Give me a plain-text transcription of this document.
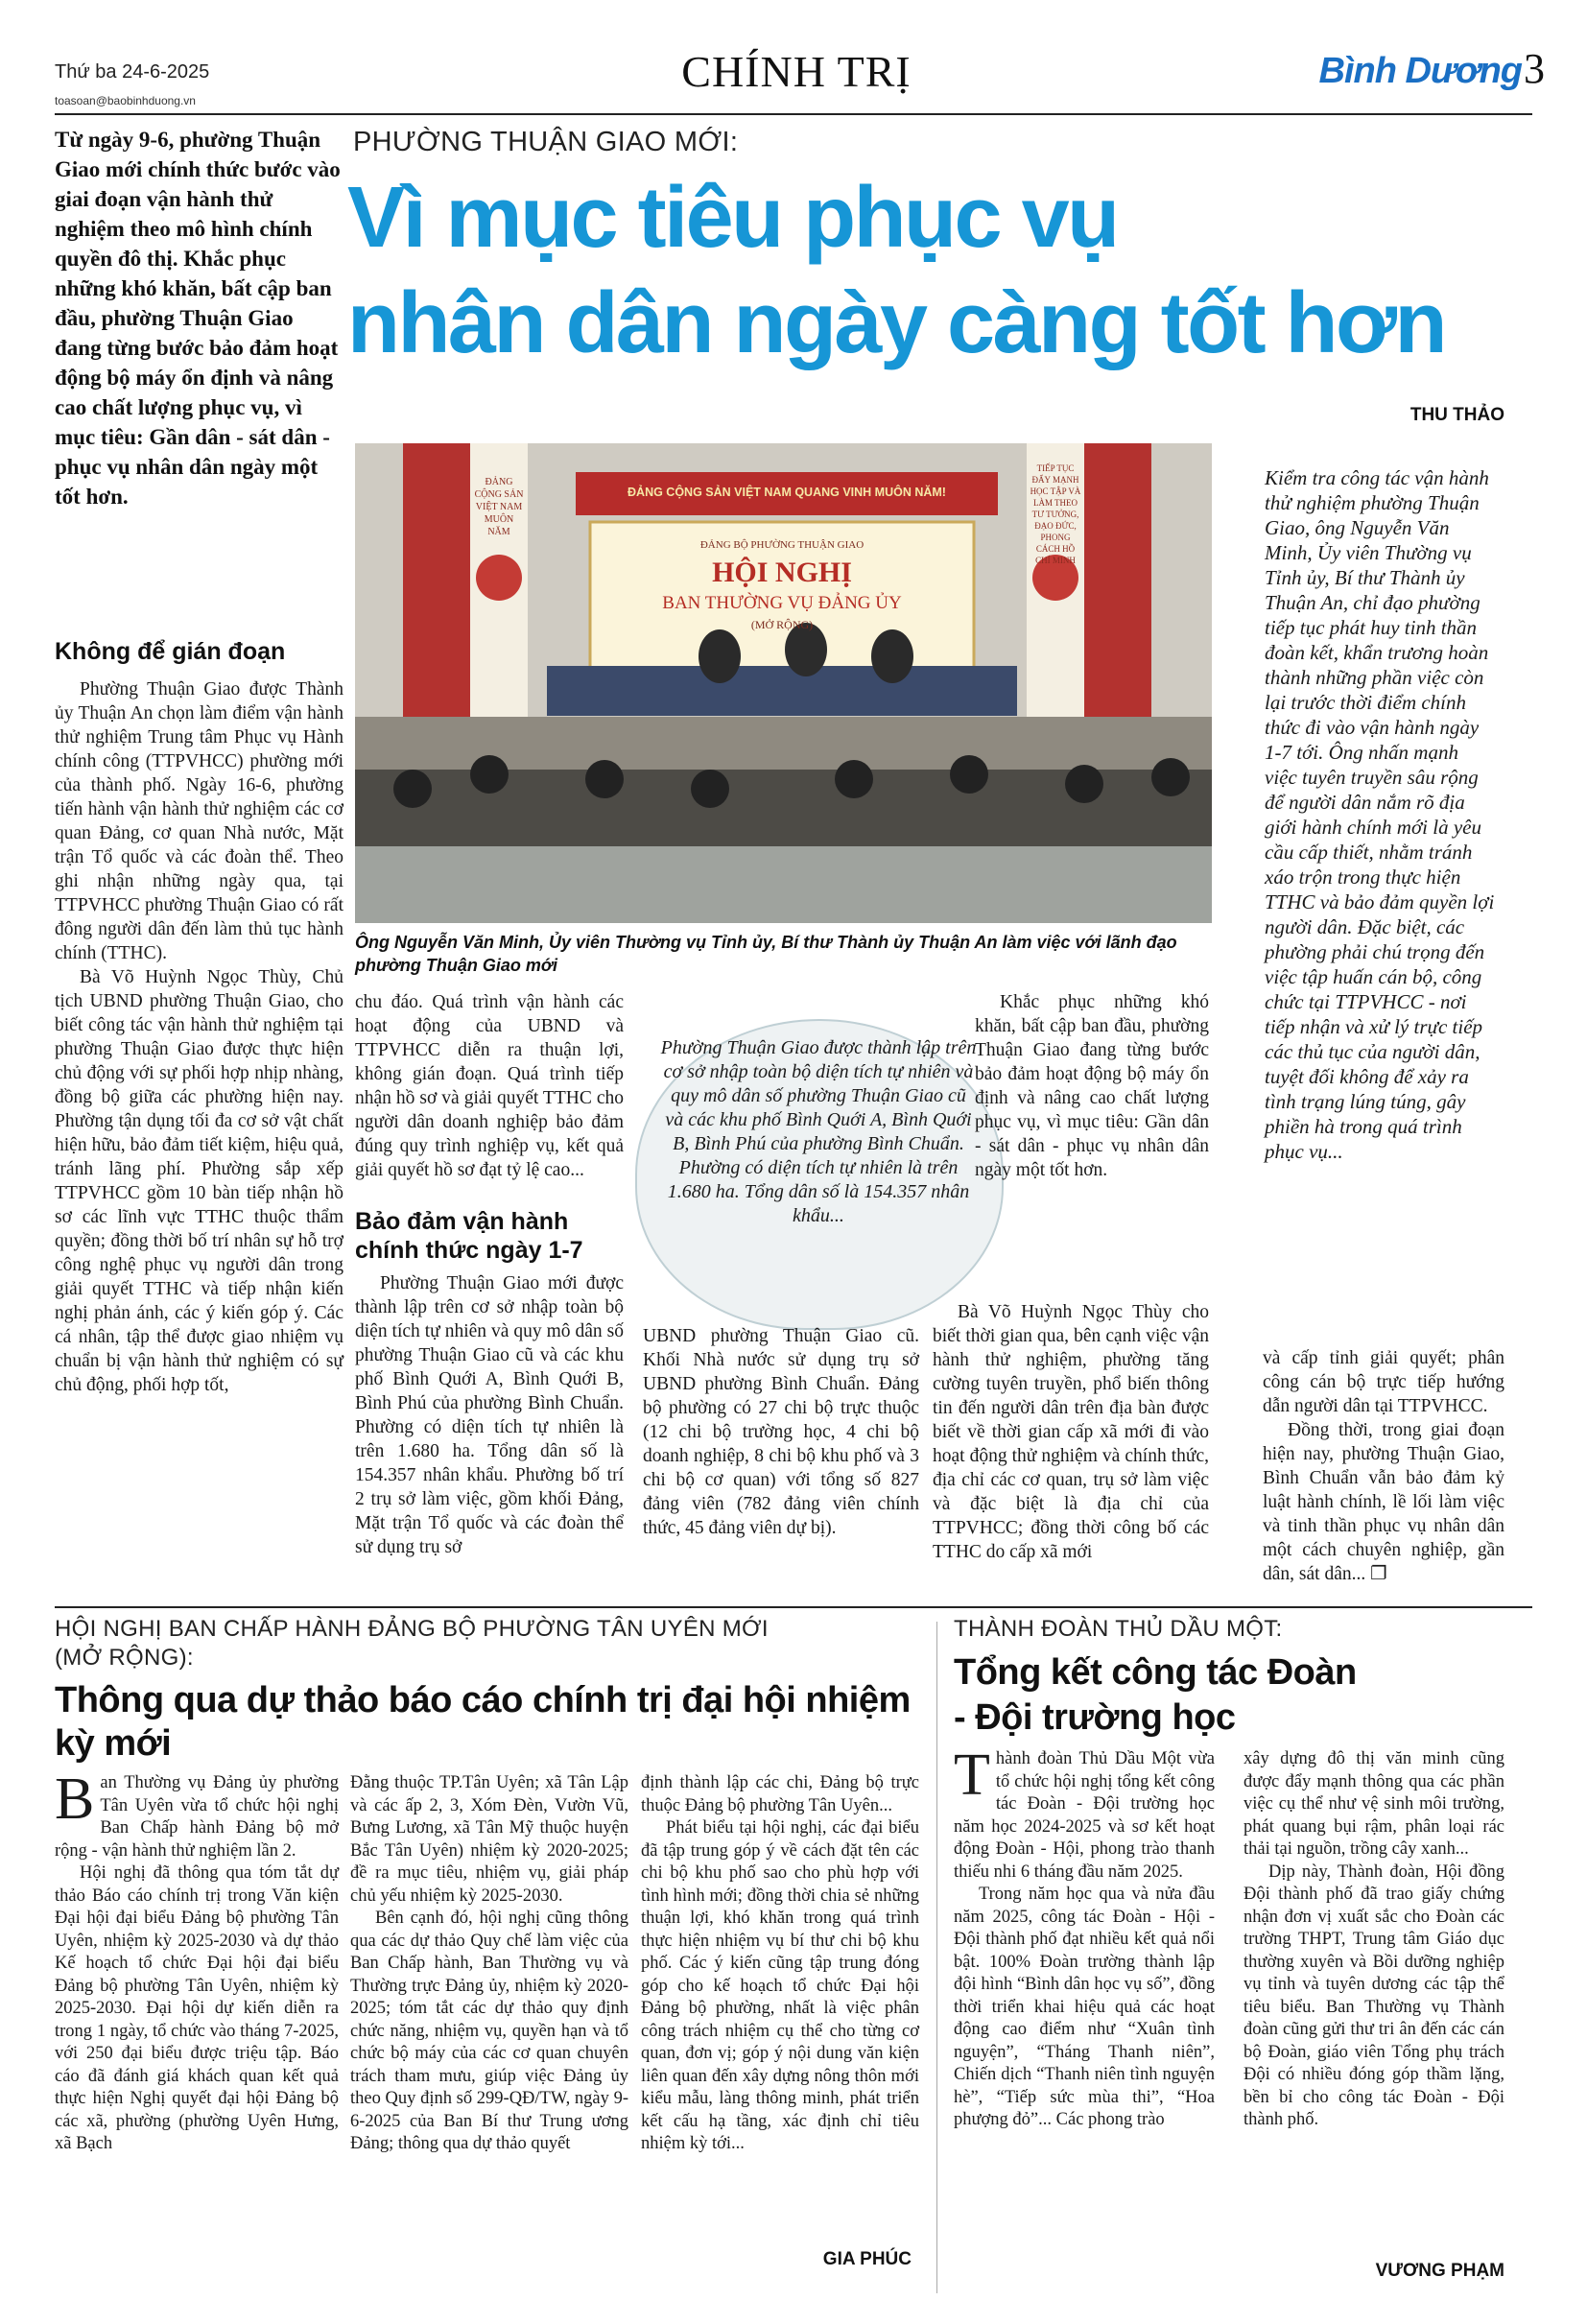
Thứ ba 24-6-2025
toasoan@baobinhduong.vn
CHÍNH TRỊ	Bình Dương3
Từ ngày 9-6, phường Thuận Giao mới chính thức bước vào giai đoạn vận hành thử nghiệm theo mô hình chính quyền đô thị. Khắc phục những khó khăn, bất cập ban đầu, phường Thuận Giao đang từng bước bảo đảm hoạt động bộ máy ổn định và nâng cao chất lượng phục vụ, vì mục tiêu: Gần dân - sát dân - phục vụ nhân dân ngày một tốt hơn.
PHƯỜNG THUẬN GIAO MỚI:
Vì mục tiêu phục vụ
nhân dân ngày càng tốt hơn
THU THẢO
Không để gián đoạn

Phường Thuận Giao được Thành ủy Thuận An chọn làm điểm vận hành thử nghiệm Trung tâm Phục vụ Hành chính công (TTPVHCC) phường mới của thành phố. Ngày 16-6, phường tiến hành vận hành thử nghiệm các cơ quan Đảng, cơ quan Nhà nước, Mặt trận Tổ quốc và các đoàn thể. Theo ghi nhận những ngày qua, tại TTPVHCC phường Thuận Giao có rất đông người dân đến làm thủ tục hành chính (TTHC).

Bà Võ Huỳnh Ngọc Thùy, Chủ tịch UBND phường Thuận Giao, cho biết công tác vận hành thử nghiệm tại phường Thuận Giao được thực hiện chủ động với sự phối hợp nhịp nhàng, đồng bộ giữa các phường hiện nay. Phường tận dụng tối đa cơ sở vật chất hiện hữu, bảo đảm tiết kiệm, hiệu quả, tránh lãng phí. Phường sắp xếp TTPVHCC gồm 10 bàn tiếp nhận hồ sơ các lĩnh vực TTHC thuộc thẩm quyền; đồng thời bố trí nhân sự hỗ trợ công nghệ phục vụ người dân trong giải quyết TTHC và tiếp nhận kiến nghị phản ánh, các ý kiến góp ý. Các cá nhân, tập thể được giao nhiệm vụ chuẩn bị vận hành thử nghiệm có sự chủ động, phối hợp tốt,

ĐẢNG CỘNG SẢN VIỆT NAM QUANG VINH MUÔN NĂM!
ĐẢNG BỘ PHƯỜNG THUẬN GIAO
HỘI NGHỊ
BAN THƯỜNG VỤ ĐẢNG ỦY
(MỞ RỘNG)
ĐẢNG CỘNG SẢN VIỆT NAM MUÔN NĂM
TIẾP TỤC ĐẨY MẠNH HỌC TẬP VÀ LÀM THEO TƯ TƯỞNG, ĐẠO ĐỨC, PHONG CÁCH HỒ CHÍ MINH
Ông Nguyễn Văn Minh, Ủy viên Thường vụ Tỉnh ủy, Bí thư Thành ủy Thuận An làm việc với lãnh đạo phường Thuận Giao mới
Kiểm tra công tác vận hành thử nghiệm phường Thuận Giao, ông Nguyễn Văn Minh, Ủy viên Thường vụ Tỉnh ủy, Bí thư Thành ủy Thuận An, chỉ đạo phường tiếp tục phát huy tinh thần đoàn kết, khẩn trương hoàn thành những phần việc còn lại trước thời điểm chính thức đi vào vận hành ngày 1-7 tới. Ông nhấn mạnh việc tuyên truyền sâu rộng để người dân nắm rõ địa giới hành chính mới là yêu cầu cấp thiết, nhằm tránh xáo trộn trong thực hiện TTHC và bảo đảm quyền lợi người dân. Đặc biệt, các phường phải chú trọng đến việc tập huấn cán bộ, công chức tại TTPVHCC - nơi tiếp nhận và xử lý trực tiếp các thủ tục của người dân, tuyệt đối không để xảy ra tình trạng lúng túng, gây phiền hà trong quá trình phục vụ...

chu đáo. Quá trình vận hành các hoạt động của UBND và TTPVHCC diễn ra thuận lợi, không gián đoạn. Quá trình tiếp nhận hồ sơ và giải quyết TTHC cho người dân doanh nghiệp bảo đảm đúng quy trình nghiệp vụ, kết quả giải quyết hồ sơ đạt tỷ lệ cao...

Bảo đảm vận hành chính thức ngày 1-7

Phường Thuận Giao mới được thành lập trên cơ sở nhập toàn bộ diện tích tự nhiên và quy mô dân số phường Thuận Giao cũ và các khu phố Bình Quới A, Bình Quới B, Bình Phú của phường Bình Chuẩn. Phường có diện tích tự nhiên là trên 1.680 ha. Tổng dân số là 154.357 nhân khẩu. Phường bố trí 2 trụ sở làm việc, gồm khối Đảng, Mặt trận Tổ quốc và các đoàn thể sử dụng trụ sở

Phường Thuận Giao được thành lập trên cơ sở nhập toàn bộ diện tích tự nhiên và quy mô dân số phường Thuận Giao cũ và các khu phố Bình Quới A, Bình Quới B, Bình Phú của phường Bình Chuẩn. Phường có diện tích tự nhiên là trên 1.680 ha. Tổng dân số là 154.357 nhân khẩu...

UBND phường Thuận Giao cũ. Khối Nhà nước sử dụng trụ sở UBND phường Bình Chuẩn. Đảng bộ phường có 27 chi bộ trực thuộc (12 chi bộ trường học, 4 chi bộ doanh nghiệp, 8 chi bộ khu phố và 3 chi bộ cơ quan) với tổng số 827 đảng viên (782 đảng viên chính thức, 45 đảng viên dự bị).

Khắc phục những khó khăn, bất cập ban đầu, phường Thuận Giao đang từng bước bảo đảm hoạt động bộ máy ổn định và nâng cao chất lượng phục vụ, vì mục tiêu: Gần dân - sát dân - phục vụ nhân dân ngày một tốt hơn.

Bà Võ Huỳnh Ngọc Thùy cho biết thời gian qua, bên cạnh việc vận hành thử nghiệm, phường tăng cường tuyên truyền, phổ biến thông tin đến người dân trên địa bàn được biết về thời gian cấp xã mới đi vào hoạt động thử nghiệm và chính thức, địa chỉ các cơ quan, trụ sở làm việc và đặc biệt là địa chỉ của TTPVHCC; đồng thời công bố các TTHC do cấp xã mới

và cấp tỉnh giải quyết; phân công cán bộ trực tiếp hướng dẫn người dân tại TTPVHCC.

Đồng thời, trong giai đoạn hiện nay, phường Thuận Giao, Bình Chuẩn vẫn bảo đảm kỷ luật hành chính, lề lối làm việc và tinh thần phục vụ nhân dân một cách chuyên nghiệp, gần dân, sát dân... ❐

HỘI NGHỊ BAN CHẤP HÀNH ĐẢNG BỘ PHƯỜNG TÂN UYÊN MỚI (MỞ RỘNG):
Thông qua dự thảo báo cáo chính trị đại hội nhiệm kỳ mới

Ban Thường vụ Đảng ủy phường Tân Uyên vừa tổ chức hội nghị Ban Chấp hành Đảng bộ mở rộng - vận hành thử nghiệm lần 2.

Hội nghị đã thông qua tóm tắt dự thảo Báo cáo chính trị trong Văn kiện Đại hội đại biểu Đảng bộ phường Tân Uyên, nhiệm kỳ 2025-2030 và dự thảo Kế hoạch tổ chức Đại hội đại biểu Đảng bộ phường Tân Uyên, nhiệm kỳ 2025-2030. Đại hội dự kiến diễn ra trong 1 ngày, tổ chức vào tháng 7-2025, với 250 đại biểu được triệu tập. Báo cáo đã đánh giá khách quan kết quả thực hiện Nghị quyết đại hội Đảng bộ các xã, phường (phường Uyên Hưng, xã Bạch

Đằng thuộc TP.Tân Uyên; xã Tân Lập và các ấp 2, 3, Xóm Đèn, Vườn Vũ, Bưng Lương, xã Tân Mỹ thuộc huyện Bắc Tân Uyên) nhiệm kỳ 2020-2025; đề ra mục tiêu, nhiệm vụ, giải pháp chủ yếu nhiệm kỳ 2025-2030.

Bên cạnh đó, hội nghị cũng thông qua các dự thảo Quy chế làm việc của Ban Chấp hành, Ban Thường vụ và Thường trực Đảng ủy, nhiệm kỳ 2020-2025; tóm tắt các dự thảo quy định chức năng, nhiệm vụ, quyền hạn và tổ chức bộ máy của các cơ quan chuyên trách tham mưu, giúp việc Đảng ủy theo Quy định số 299-QĐ/TW, ngày 9-6-2025 của Ban Bí thư Trung ương Đảng; thông qua dự thảo quyết

định thành lập các chi, Đảng bộ trực thuộc Đảng bộ phường Tân Uyên...

Phát biểu tại hội nghị, các đại biểu đã tập trung góp ý về cách đặt tên các chi bộ khu phố sao cho phù hợp với tình hình mới; đồng thời chia sẻ những thuận lợi, khó khăn trong quá trình thực hiện nhiệm vụ bí thư chi bộ khu phố. Các ý kiến cũng tập trung đóng góp cho kế hoạch tổ chức Đại hội Đảng bộ phường, nhất là việc phân công trách nhiệm cụ thể cho từng cơ quan, đơn vị; góp ý nội dung văn kiện liên quan đến xây dựng nông thôn mới kiểu mẫu, làng thông minh, phát triển kết cấu hạ tầng, xác định chỉ tiêu nhiệm kỳ tới...

GIA PHÚC
THÀNH ĐOÀN THỦ DẦU MỘT:
Tổng kết công tác Đoàn - Đội trường học

Thành đoàn Thủ Dầu Một vừa tổ chức hội nghị tổng kết công tác Đoàn - Đội trường học năm học 2024-2025 và sơ kết hoạt động Đoàn - Hội, phong trào thanh thiếu nhi 6 tháng đầu năm 2025.

Trong năm học qua và nửa đầu năm 2025, công tác Đoàn - Hội - Đội thành phố đạt nhiều kết quả nổi bật. 100% Đoàn trường thành lập đội hình “Bình dân học vụ số”, đồng thời triển khai hiệu quả các hoạt động cao điểm như “Xuân tình nguyện”, “Tháng Thanh niên”, Chiến dịch “Thanh niên tình nguyện hè”, “Tiếp sức mùa thi”, “Hoa phượng đỏ”... Các phong trào

xây dựng đô thị văn minh cũng được đẩy mạnh thông qua các phần việc cụ thể như vệ sinh môi trường, phát quang bụi rậm, phân loại rác thải tại nguồn, trồng cây xanh...

Dịp này, Thành đoàn, Hội đồng Đội thành phố đã trao giấy chứng nhận đơn vị xuất sắc cho Đoàn các trường THPT, Trung tâm Giáo dục thường xuyên và Bồi dưỡng nghiệp vụ tỉnh và tuyên dương các tập thể tiêu biểu. Ban Thường vụ Thành đoàn cũng gửi thư tri ân đến các cán bộ Đoàn, giáo viên Tổng phụ trách Đội có nhiều đóng góp thầm lặng, bền bỉ cho công tác Đoàn - Đội thành phố.

VƯƠNG PHẠM
